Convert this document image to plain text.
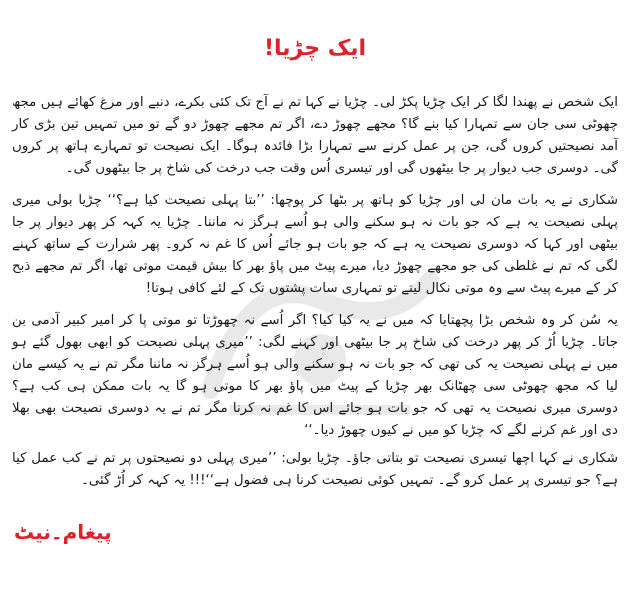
ایک چڑیا!

ایک شخص نے پھندا لگا کر ایک چڑیا پکڑ لی۔ چڑیا نے کہا تم نے آج تک کئی بکرے، دنبے اور مرغ کھائے ہیں مجھ چھوٹی سی جان سے تمہارا کیا بنے گا؟ مجھے چھوڑ دے، اگر تم مجھے چھوڑ دو گے تو میں تمہیں تین بڑی کار آمد نصیحتیں کروں گی، جن پر عمل کرنے سے تمہارا بڑا فائدہ ہوگا۔ ایک نصیحت تو تمہارے ہاتھ پر کروں گی۔ دوسری جب دیوار پر جا بیٹھوں گی اور تیسری اُس وقت جب درخت کی شاخ پر جا بیٹھوں گی۔

شکاری نے یہ بات مان لی اور چڑیا کو ہاتھ پر بٹھا کر پوچھا: ’’بتا پہلی نصیحت کیا ہے؟‘‘ چڑیا بولی میری پہلی نصیحت یہ ہے کہ جو بات نہ ہو سکنے والی ہو اُسے ہرگز نہ ماننا۔ چڑیا یہ کہہ کر پھر دیوار پر جا بیٹھی اور کہا کہ دوسری نصیحت یہ ہے کہ جو بات ہو جائے اُس کا غم نہ کرو۔ پھر شرارت کے ساتھ کہنے لگی کہ تم نے غلطی کی جو مجھے چھوڑ دیا، میرے پیٹ میں پاؤ بھر کا بیش قیمت موتی تھا، اگر تم مجھے ذبح کر کے میرے پیٹ سے وہ موتی نکال لیتے تو تمہاری سات پشتوں تک کے لئے کافی ہوتا!

یہ سُن کر وہ شخص بڑا پچھتایا کہ میں نے یہ کیا کیا؟ اگر اُسے نہ چھوڑتا تو موتی پا کر امیر کبیر آدمی بن جاتا۔ چڑیا اُڑ کر پھر درخت کی شاخ پر جا بیٹھی اور کہنے لگی: ’’میری پہلی نصیحت کو ابھی بھول گئے ہو میں نے پہلی نصیحت یہ کی تھی کہ جو بات نہ ہو سکنے والی ہو اُسے ہرگز نہ ماننا مگر تم نے یہ کیسے مان لیا کہ مجھ چھوٹی سی چھٹانک بھر چڑیا کے پیٹ میں پاؤ بھر کا موتی ہو گا یہ بات ممکن ہی کب ہے؟ دوسری میری نصیحت یہ تھی کہ جو بات ہو جائے اس کا غم نہ کرنا مگر تم نے یہ دوسری نصیحت بھی بھلا دی اور غم کرنے لگے کہ چڑیا کو میں نے کیوں چھوڑ دیا۔‘‘

شکاری نے کہا اچھا تیسری نصیحت تو بتاتی جاؤ۔ چڑیا بولی: ’’میری پہلی دو نصیحتوں پر تم نے کب عمل کیا ہے؟ جو تیسری پر عمل کرو گے۔ تمہیں کوئی نصیحت کرنا ہی فضول ہے‘‘!!! یہ کہہ کر اُڑ گئی۔

پیغام۔نیٹ
